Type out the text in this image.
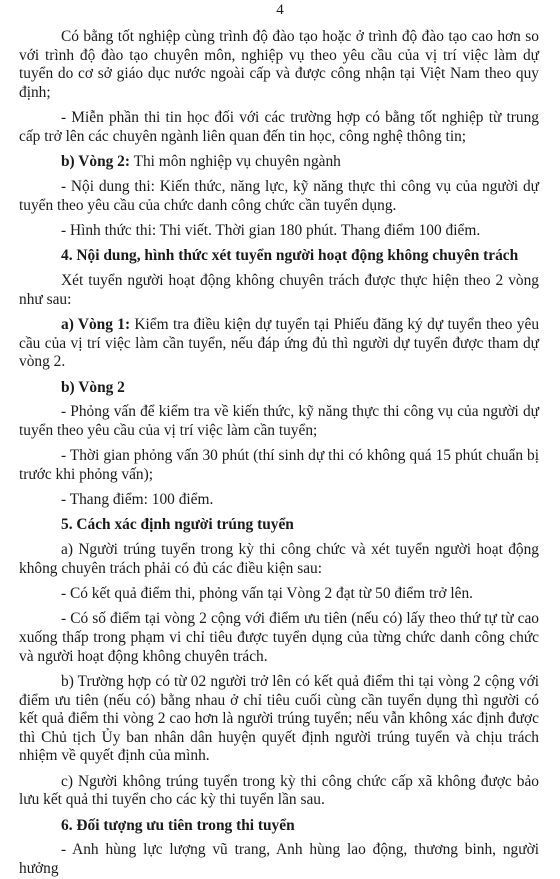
4

Có bằng tốt nghiệp cùng trình độ đào tạo hoặc ở trình độ đào tạo cao hơn so với trình độ đào tạo chuyên môn, nghiệp vụ theo yêu cầu của vị trí việc làm dự tuyển do cơ sở giáo dục nước ngoài cấp và được công nhận tại Việt Nam theo quy định;

- Miễn phần thi tin học đối với các trường hợp có bằng tốt nghiệp từ trung cấp trở lên các chuyên ngành liên quan đến tin học, công nghệ thông tin;

b) Vòng 2: Thi môn nghiệp vụ chuyên ngành

- Nội dung thi: Kiến thức, năng lực, kỹ năng thực thi công vụ của người dự tuyển theo yêu cầu của chức danh công chức cần tuyển dụng.

- Hình thức thi: Thi viết. Thời gian 180 phút. Thang điểm 100 điểm.

4. Nội dung, hình thức xét tuyển người hoạt động không chuyên trách

Xét tuyển người hoạt động không chuyên trách được thực hiện theo 2 vòng như sau:

a) Vòng 1: Kiểm tra điều kiện dự tuyển tại Phiếu đăng ký dự tuyển theo yêu cầu của vị trí việc làm cần tuyển, nếu đáp ứng đủ thì người dự tuyển được tham dự vòng 2.

b) Vòng 2

- Phỏng vấn để kiểm tra về kiến thức, kỹ năng thực thi công vụ của người dự tuyển theo yêu cầu của vị trí việc làm cần tuyển;

- Thời gian phỏng vấn 30 phút (thí sinh dự thi có không quá 15 phút chuẩn bị trước khi phỏng vấn);

- Thang điểm: 100 điểm.

5. Cách xác định người trúng tuyển

a) Người trúng tuyển trong kỳ thi công chức và xét tuyển người hoạt động không chuyên trách phải có đủ các điều kiện sau:

- Có kết quả điểm thi, phỏng vấn tại Vòng 2 đạt từ 50 điểm trở lên.

- Có số điểm tại vòng 2 cộng với điểm ưu tiên (nếu có) lấy theo thứ tự từ cao xuống thấp trong phạm vi chỉ tiêu được tuyển dụng của từng chức danh công chức và người hoạt động không chuyên trách.

b) Trường hợp có từ 02 người trở lên có kết quả điểm thi tại vòng 2 cộng với điểm ưu tiên (nếu có) bằng nhau ở chỉ tiêu cuối cùng cần tuyển dụng thì người có kết quả điểm thi vòng 2 cao hơn là người trúng tuyển; nếu vẫn không xác định được thì Chủ tịch Ủy ban nhân dân huyện quyết định người trúng tuyển và chịu trách nhiệm về quyết định của mình.

c) Người không trúng tuyển trong kỳ thi công chức cấp xã không được bảo lưu kết quả thi tuyển cho các kỳ thi tuyển lần sau.

6. Đối tượng ưu tiên trong thi tuyển

- Anh hùng lực lượng vũ trang, Anh hùng lao động, thương binh, người hưởng
